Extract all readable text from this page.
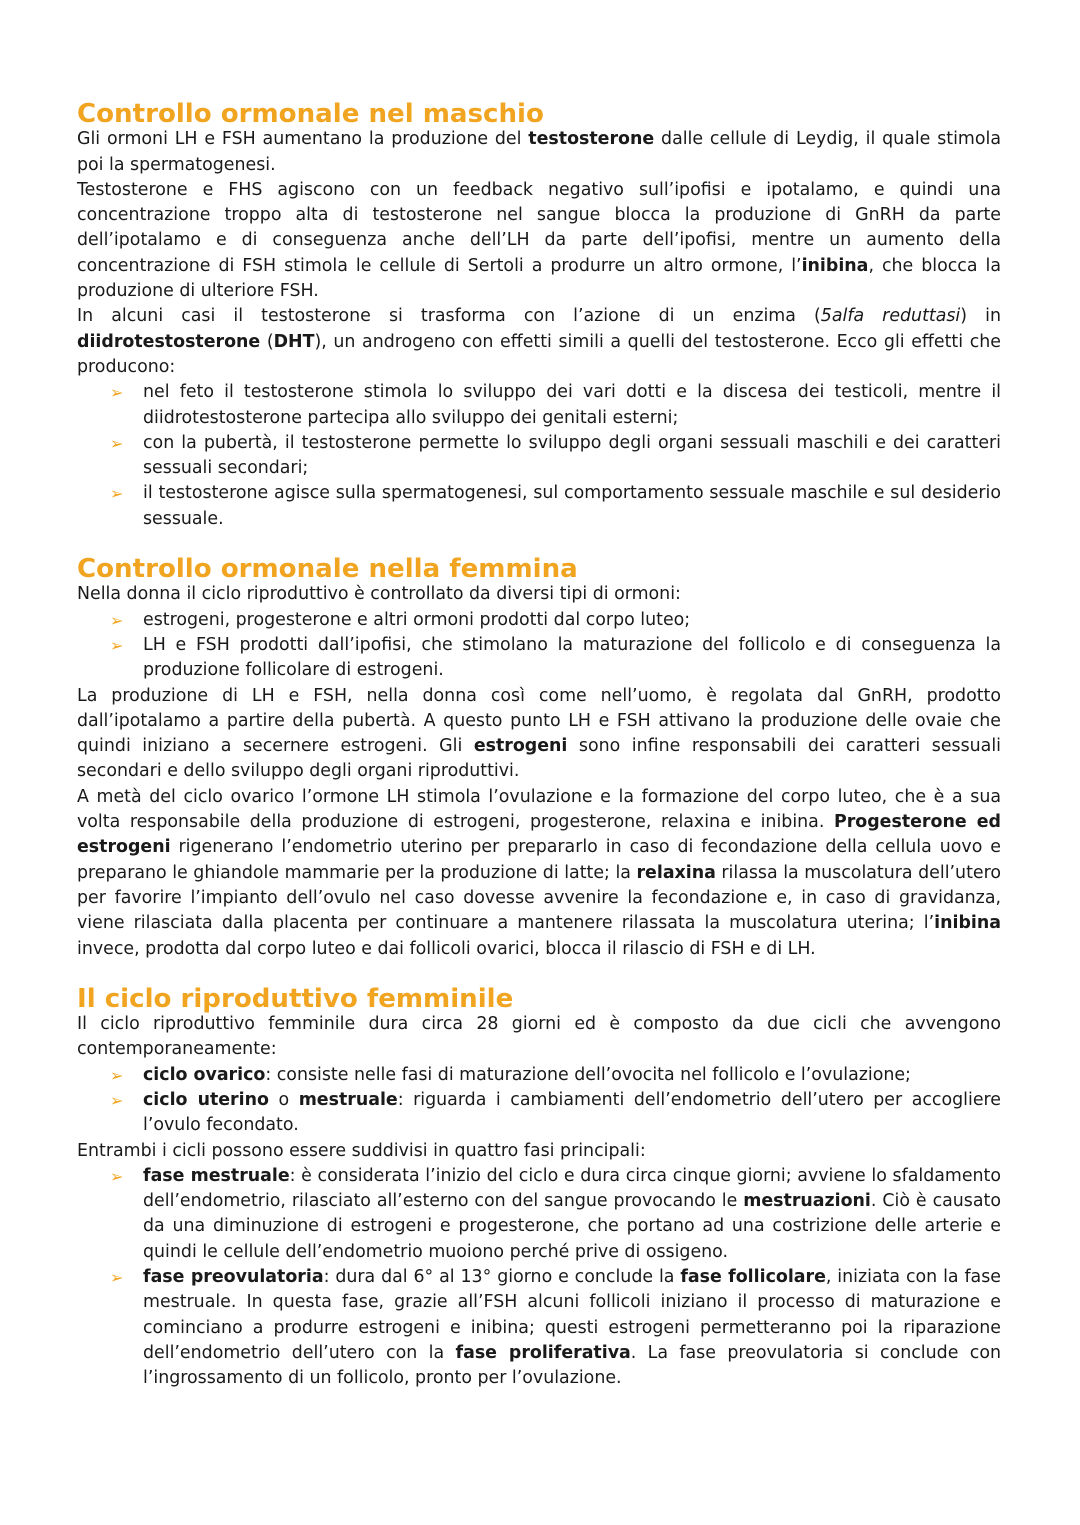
Controllo ormonale nel maschio

Gli ormoni LH e FSH aumentano la produzione del testosterone dalle cellule di Leydig, il quale stimola poi la spermatogenesi.

Testosterone e FHS agiscono con un feedback negativo sull’ipofisi e ipotalamo, e quindi una concentrazione troppo alta di testosterone nel sangue blocca la produzione di GnRH da parte dell’ipotalamo e di conseguenza anche dell’LH da parte dell’ipofisi, mentre un aumento della concentrazione di FSH stimola le cellule di Sertoli a produrre un altro ormone, l’inibina, che blocca la produzione di ulteriore FSH.

In alcuni casi il testosterone si trasforma con l’azione di un enzima (5alfa reduttasi) in diidrotestosterone (DHT), un androgeno con effetti simili a quelli del testosterone. Ecco gli effetti che producono:

➢ nel feto il testosterone stimola lo sviluppo dei vari dotti e la discesa dei testicoli, mentre il diidrotestosterone partecipa allo sviluppo dei genitali esterni;
➢ con la pubertà, il testosterone permette lo sviluppo degli organi sessuali maschili e dei caratteri sessuali secondari;
➢ il testosterone agisce sulla spermatogenesi, sul comportamento sessuale maschile e sul desiderio sessuale.
Controllo ormonale nella femmina

Nella donna il ciclo riproduttivo è controllato da diversi tipi di ormoni:

➢ estrogeni, progesterone e altri ormoni prodotti dal corpo luteo;
➢ LH e FSH prodotti dall’ipofisi, che stimolano la maturazione del follicolo e di conseguenza la produzione follicolare di estrogeni.

La produzione di LH e FSH, nella donna così come nell’uomo, è regolata dal GnRH, prodotto dall’ipotalamo a partire della pubertà. A questo punto LH e FSH attivano la produzione delle ovaie che quindi iniziano a secernere estrogeni. Gli estrogeni sono infine responsabili dei caratteri sessuali secondari e dello sviluppo degli organi riproduttivi.

A metà del ciclo ovarico l’ormone LH stimola l’ovulazione e la formazione del corpo luteo, che è a sua volta responsabile della produzione di estrogeni, progesterone, relaxina e inibina. Progesterone ed estrogeni rigenerano l’endometrio uterino per prepararlo in caso di fecondazione della cellula uovo e preparano le ghiandole mammarie per la produzione di latte; la relaxina rilassa la muscolatura dell’utero per favorire l’impianto dell’ovulo nel caso dovesse avvenire la fecondazione e, in caso di gravidanza, viene rilasciata dalla placenta per continuare a mantenere rilassata la muscolatura uterina; l’inibina invece, prodotta dal corpo luteo e dai follicoli ovarici, blocca il rilascio di FSH e di LH.

Il ciclo riproduttivo femminile

Il ciclo riproduttivo femminile dura circa 28 giorni ed è composto da due cicli che avvengono contemporaneamente:

➢ ciclo ovarico: consiste nelle fasi di maturazione dell’ovocita nel follicolo e l’ovulazione;
➢ ciclo uterino o mestruale: riguarda i cambiamenti dell’endometrio dell’utero per accogliere l’ovulo fecondato.

Entrambi i cicli possono essere suddivisi in quattro fasi principali:

➢ fase mestruale: è considerata l’inizio del ciclo e dura circa cinque giorni; avviene lo sfaldamento dell’endometrio, rilasciato all’esterno con del sangue provocando le mestruazioni. Ciò è causato da una diminuzione di estrogeni e progesterone, che portano ad una costrizione delle arterie e quindi le cellule dell’endometrio muoiono perché prive di ossigeno.
➢ fase preovulatoria: dura dal 6° al 13° giorno e conclude la fase follicolare, iniziata con la fase mestruale. In questa fase, grazie all’FSH alcuni follicoli iniziano il processo di maturazione e cominciano a produrre estrogeni e inibina; questi estrogeni permetteranno poi la riparazione dell’endometrio dell’utero con la fase proliferativa. La fase preovulatoria si conclude con l’ingrossamento di un follicolo, pronto per l’ovulazione.
